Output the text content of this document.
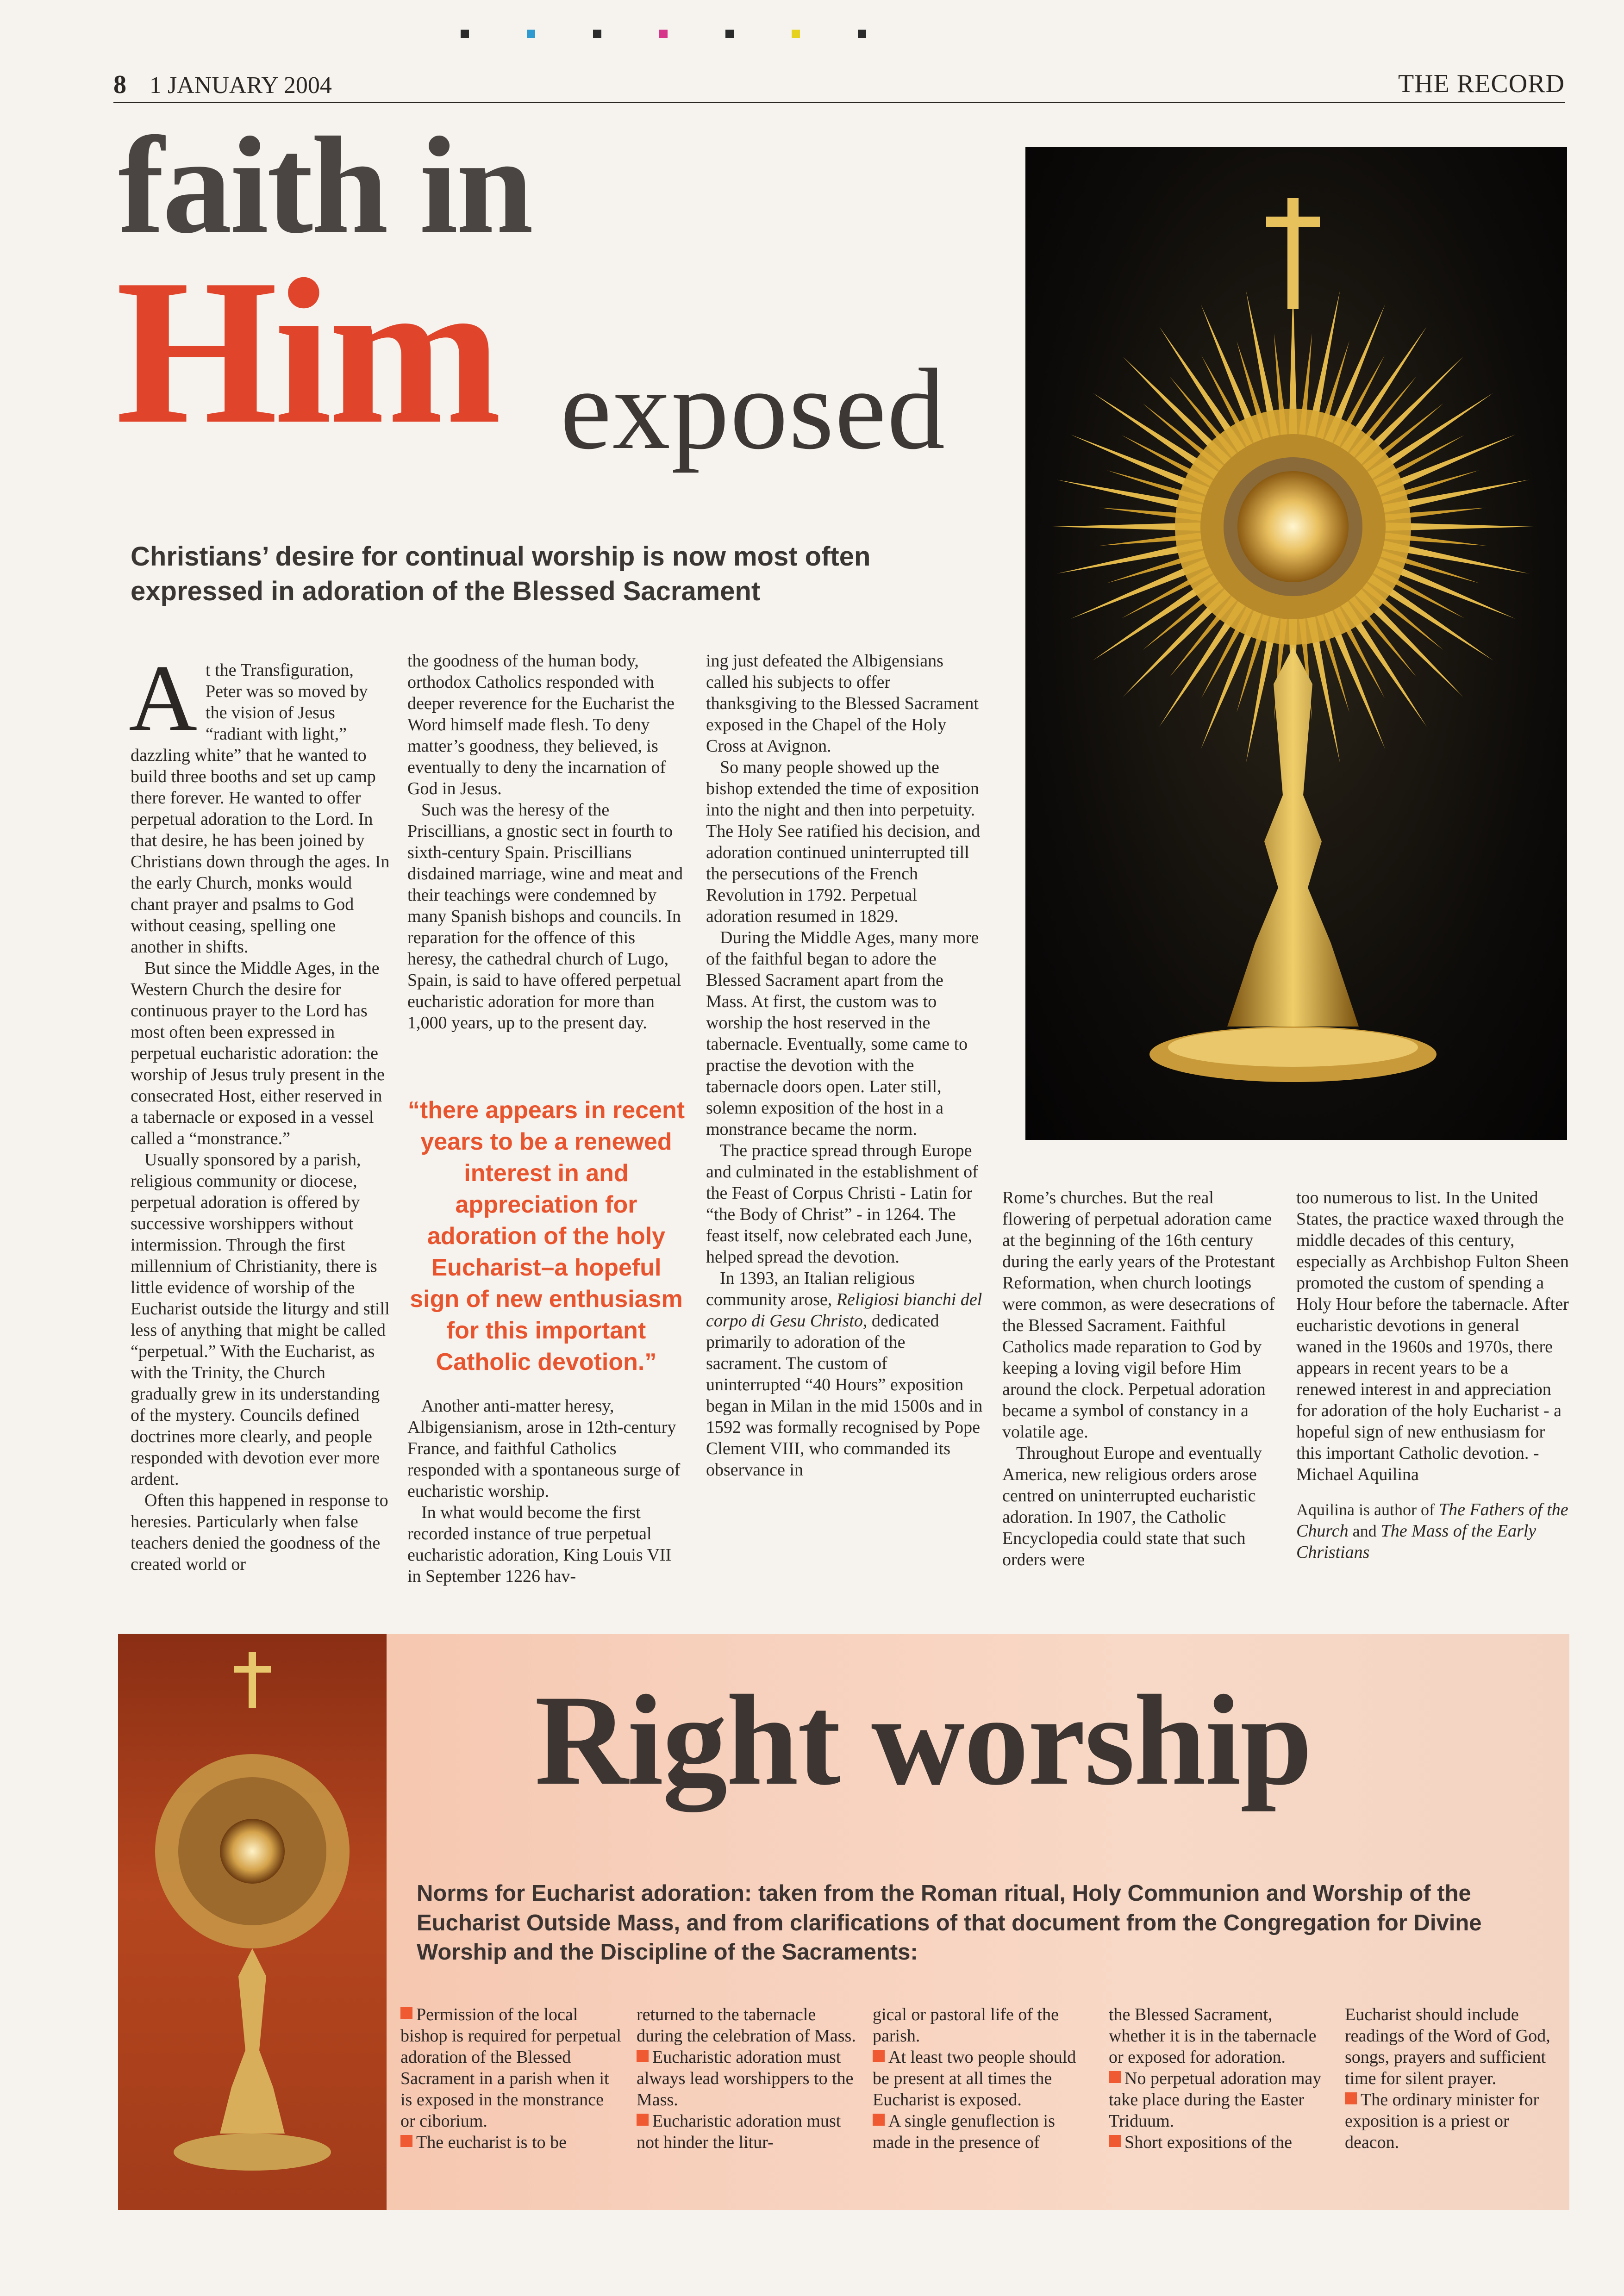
8 1 JANUARY 2004	THE RECORD
faith in
Him exposed
Christians’ desire for continual worship is now most often expressed in adoration of the Blessed Sacrament
A t the Transfiguration, Peter was so moved by the vision of Jesus “radiant with light,” dazzling white” that he wanted to build three booths and set up camp there forever. He wanted to offer perpetual adoration to the Lord. In that desire, he has been joined by Christians down through the ages. In the early Church, monks would chant prayer and psalms to God without ceasing, spelling one another in shifts.

But since the Middle Ages, in the Western Church the desire for continuous prayer to the Lord has most often been expressed in perpetual eucharistic adoration: the worship of Jesus truly present in the consecrated Host, either reserved in a tabernacle or exposed in a vessel called a “monstrance.”

Usually sponsored by a parish, religious community or diocese, perpetual adoration is offered by successive worshippers without intermission. Through the first millennium of Christianity, there is little evidence of worship of the Eucharist outside the liturgy and still less of anything that might be called “perpetual.” With the Eucharist, as with the Trinity, the Church gradually grew in its understanding of the mystery. Councils defined doctrines more clearly, and people responded with devotion ever more ardent.

Often this happened in response to heresies. Particularly when false teachers denied the goodness of the created world or

the goodness of the human body, orthodox Catholics responded with deeper reverence for the Eucharist the Word himself made flesh. To deny matter’s goodness, they believed, is eventually to deny the incarnation of God in Jesus.

Such was the heresy of the Priscillians, a gnostic sect in fourth to sixth-century Spain. Priscillians disdained marriage, wine and meat and their teachings were condemned by many Spanish bishops and councils. In reparation for the offence of this heresy, the cathedral church of Lugo, Spain, is said to have offered perpetual eucharistic adoration for more than 1,000 years, up to the present day.

“there appears in recent years to be a renewed interest in and appreciation for adoration of the holy Eucharist–a hopeful sign of new enthusiasm for this important Catholic devotion.”

Another anti-matter heresy, Albigensianism, arose in 12th-century France, and faithful Catholics responded with a spontaneous surge of eucharistic worship.

In what would become the first recorded instance of true perpetual eucharistic adoration, King Louis VII in September 1226 hav-

ing just defeated the Albigensians called his subjects to offer thanksgiving to the Blessed Sacrament exposed in the Chapel of the Holy Cross at Avignon.

So many people showed up the bishop extended the time of exposition into the night and then into perpetuity. The Holy See ratified his decision, and adoration continued uninterrupted till the persecutions of the French Revolution in 1792. Perpetual adoration resumed in 1829.

During the Middle Ages, many more of the faithful began to adore the Blessed Sacrament apart from the Mass. At first, the custom was to worship the host reserved in the tabernacle. Eventually, some came to practise the devotion with the tabernacle doors open. Later still, solemn exposition of the host in a monstrance became the norm.

The practice spread through Europe and culminated in the establishment of the Feast of Corpus Christi - Latin for “the Body of Christ” - in 1264. The feast itself, now celebrated each June, helped spread the devotion.

In 1393, an Italian religious community arose, Religiosi bianchi del corpo di Gesu Christo, dedicated primarily to adoration of the sacrament. The custom of uninterrupted “40 Hours” exposition began in Milan in the mid 1500s and in 1592 was formally recognised by Pope Clement VIII, who commanded its observance in

Rome’s churches. But the real flowering of perpetual adoration came at the beginning of the 16th century during the early years of the Protestant Reformation, when church lootings were common, as were desecrations of the Blessed Sacrament. Faithful Catholics made reparation to God by keeping a loving vigil before Him around the clock. Perpetual adoration became a symbol of constancy in a volatile age.

Throughout Europe and eventually America, new religious orders arose centred on uninterrupted eucharistic adoration. In 1907, the Catholic Encyclopedia could state that such orders were

too numerous to list. In the United States, the practice waxed through the middle decades of this century, especially as Archbishop Fulton Sheen promoted the custom of spending a Holy Hour before the tabernacle. After eucharistic devotions in general waned in the 1960s and 1970s, there appears in recent years to be a renewed interest in and appreciation for adoration of the holy Eucharist - a hopeful sign of new enthusiasm for this important Catholic devotion. - Michael Aquilina

Aquilina is author of The Fathers of the Church and The Mass of the Early Christians

Right worship
Norms for Eucharist adoration: taken from the Roman ritual, Holy Communion and Worship of the Eucharist Outside Mass, and from clarifications of that document from the Congregation for Divine Worship and the Discipline of the Sacraments:

Permission of the local bishop is required for perpetual adoration of the Blessed Sacrament in a parish when it is exposed in the monstrance or ciborium.

The eucharist is to be

returned to the tabernacle during the celebration of Mass.

Eucharistic adoration must always lead worshippers to the Mass.

Eucharistic adoration must not hinder the litur-

gical or pastoral life of the parish.

At least two people should be present at all times the Eucharist is exposed.

A single genuflection is made in the presence of

the Blessed Sacrament, whether it is in the tabernacle or exposed for adoration.

No perpetual adoration may take place during the Easter Triduum.

Short expositions of the

Eucharist should include readings of the Word of God, songs, prayers and sufficient time for silent prayer.

The ordinary minister for exposition is a priest or deacon.
